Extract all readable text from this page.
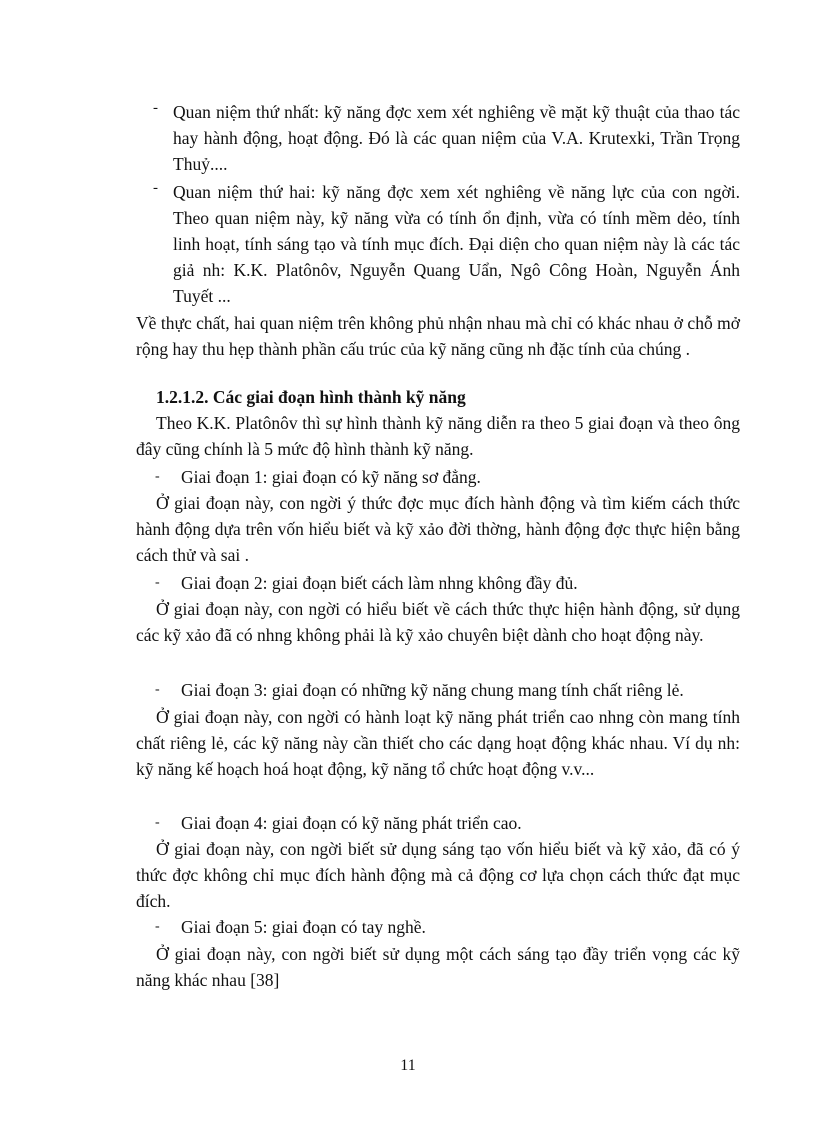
- Quan niệm thứ nhất: kỹ năng đợc xem xét nghiêng về mặt kỹ thuật của thao tác hay hành động, hoạt động. Đó là các quan niệm của V.A. Krutexki, Trần Trọng Thuỷ....
- Quan niệm thứ hai: kỹ năng đợc xem xét nghiêng về năng lực của con ngời. Theo quan niệm này, kỹ năng vừa có tính ổn định, vừa có tính mềm dẻo, tính linh hoạt, tính sáng tạo và tính mục đích. Đại diện cho quan niệm này là các tác giả nh: K.K. Platônôv, Nguyễn Quang Uẩn, Ngô Công Hoàn, Nguyễn Ánh Tuyết ...
Về thực chất, hai quan niệm trên không phủ nhận nhau mà chỉ có khác nhau ở chỗ mở rộng hay thu hẹp thành phần cấu trúc của kỹ năng cũng nh đặc tính của chúng .
1.2.1.2. Các giai đoạn hình thành kỹ năng
Theo K.K. Platônôv thì sự hình thành kỹ năng diễn ra theo 5 giai đoạn và theo ông đây cũng chính là 5 mức độ hình thành kỹ năng.
- Giai đoạn 1: giai đoạn có kỹ năng sơ đẳng.
Ở giai đoạn này, con ngời ý thức đợc mục đích hành động và tìm kiếm cách thức hành động dựa trên vốn hiểu biết và kỹ xảo đời thờng, hành động đợc thực hiện bằng cách thử và sai .
- Giai đoạn 2: giai đoạn biết cách làm nhng không đầy đủ.
Ở giai đoạn này, con ngời có hiểu biết về cách thức thực hiện hành động, sử dụng các kỹ xảo đã có nhng không phải là kỹ xảo chuyên biệt dành cho hoạt động này.
- Giai đoạn 3: giai đoạn có những kỹ năng chung mang tính chất riêng lẻ.
Ở giai đoạn này, con ngời có hành loạt kỹ năng phát triển cao nhng còn mang tính chất riêng lẻ, các kỹ năng này cần thiết cho các dạng hoạt động khác nhau. Ví dụ nh: kỹ năng kế hoạch hoá hoạt động, kỹ năng tổ chức hoạt động v.v...
- Giai đoạn 4: giai đoạn có kỹ năng phát triển cao.
Ở giai đoạn này, con ngời biết sử dụng sáng tạo vốn hiểu biết và kỹ xảo, đã có ý thức đợc không chỉ mục đích hành động mà cả động cơ lựa chọn cách thức đạt mục đích.
- Giai đoạn 5: giai đoạn có tay nghề.
Ở giai đoạn này, con ngời biết sử dụng một cách sáng tạo đầy triển vọng các kỹ năng khác nhau [38]
11
